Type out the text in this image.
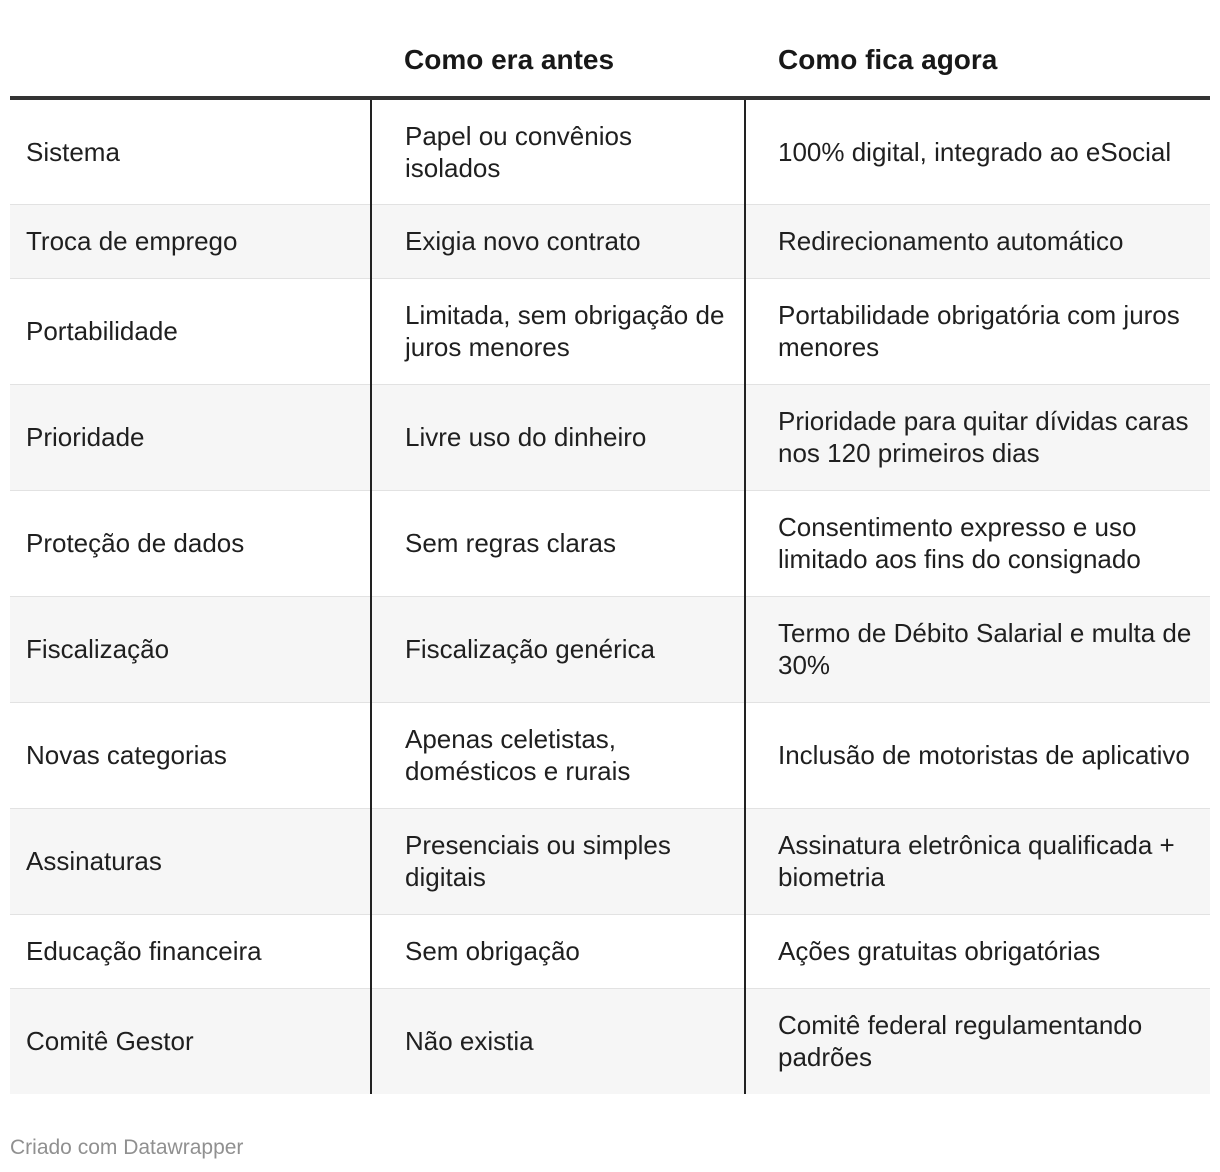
	Como era antes	Como fica agora
Sistema	Papel ou convênios isolados	100% digital, integrado ao eSocial
Troca de emprego	Exigia novo contrato	Redirecionamento automático
Portabilidade	Limitada, sem obrigação de juros menores	Portabilidade obrigatória com juros menores
Prioridade	Livre uso do dinheiro	Prioridade para quitar dívidas caras nos 120 primeiros dias
Proteção de dados	Sem regras claras	Consentimento expresso e uso limitado aos fins do consignado
Fiscalização	Fiscalização genérica	Termo de Débito Salarial e multa de 30%
Novas categorias	Apenas celetistas, domésticos e rurais	Inclusão de motoristas de aplicativo
Assinaturas	Presenciais ou simples digitais	Assinatura eletrônica qualificada + biometria
Educação financeira	Sem obrigação	Ações gratuitas obrigatórias
Comitê Gestor	Não existia	Comitê federal regulamentando padrões
Criado com Datawrapper
